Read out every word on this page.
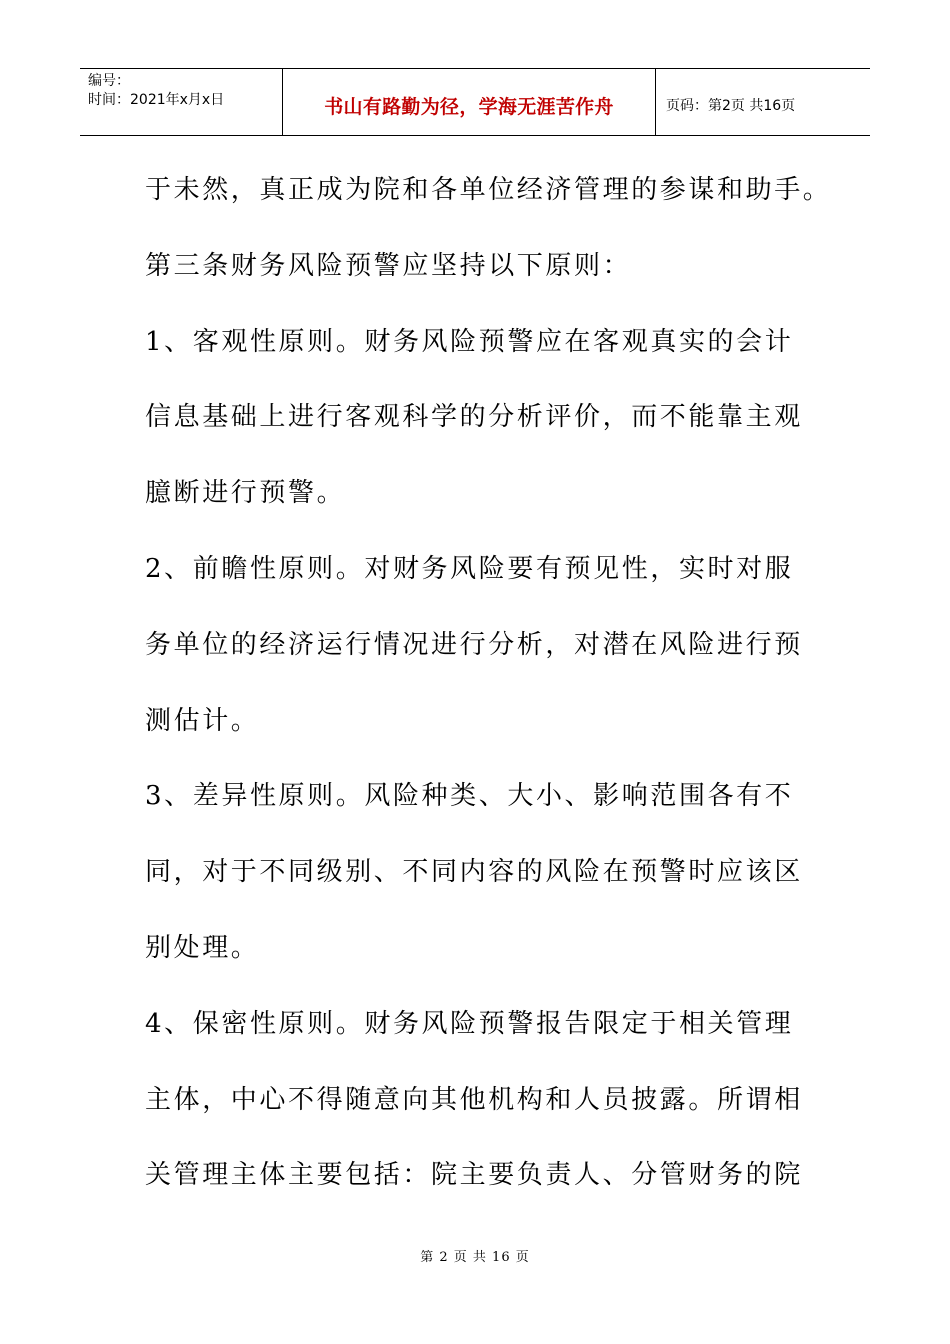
编号：
时间：2021年x月x日	书山有路勤为径，学海无涯苦作舟	页码：第2页 共16页
于未然，真正成为院和各单位经济管理的参谋和助手。
第三条财务风险预警应坚持以下原则：
1、客观性原则。财务风险预警应在客观真实的会计
信息基础上进行客观科学的分析评价，而不能靠主观
臆断进行预警。
2、前瞻性原则。对财务风险要有预见性，实时对服
务单位的经济运行情况进行分析，对潜在风险进行预
测估计。
3、差异性原则。风险种类、大小、影响范围各有不
同，对于不同级别、不同内容的风险在预警时应该区
别处理。
4、保密性原则。财务风险预警报告限定于相关管理
主体，中心不得随意向其他机构和人员披露。所谓相
关管理主体主要包括：院主要负责人、分管财务的院
第 2 页 共 16 页
